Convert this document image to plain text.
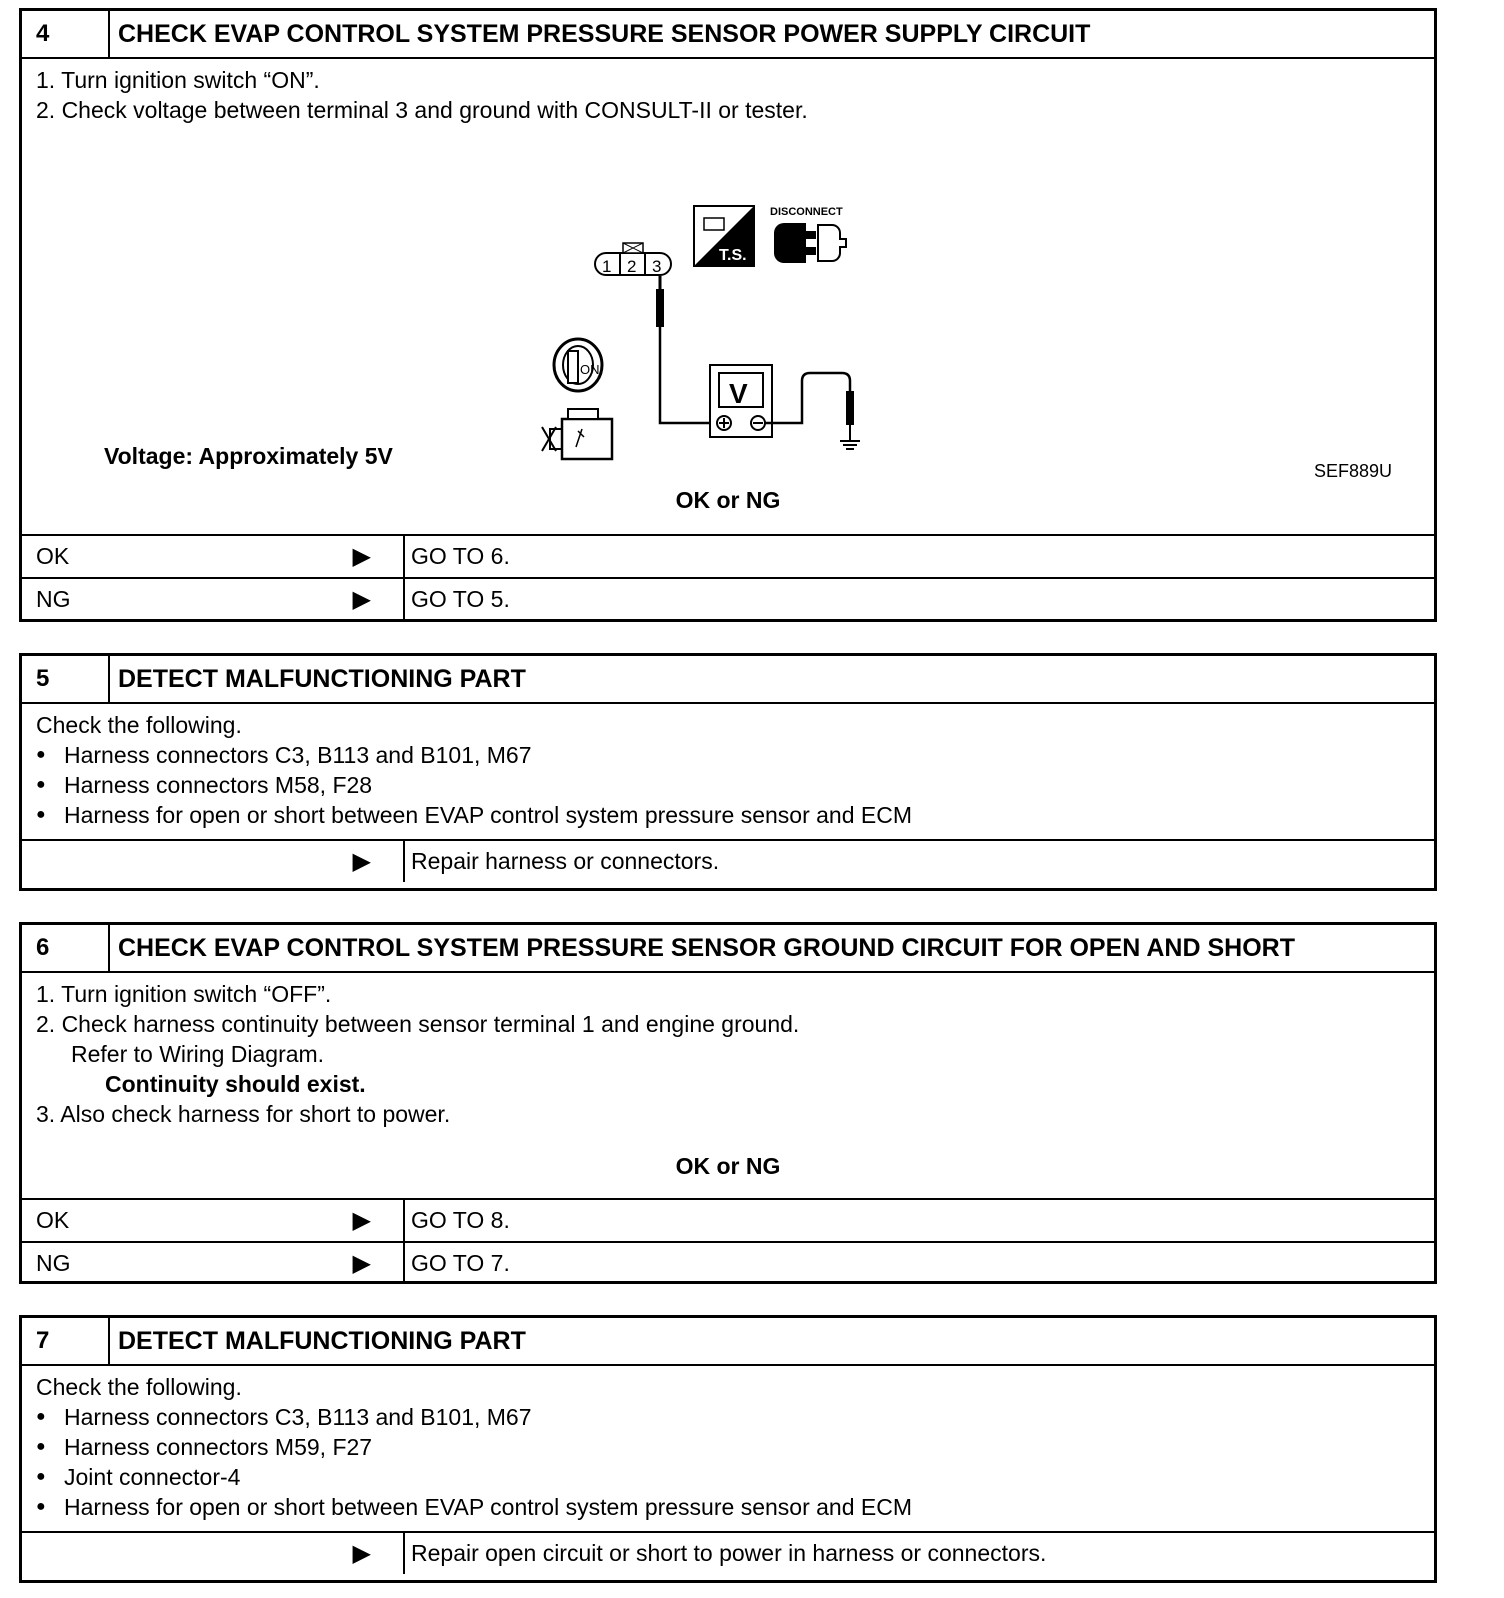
4	CHECK EVAP CONTROL SYSTEM PRESSURE SENSOR POWER SUPPLY CIRCUIT
1. Turn ignition switch “ON”.
2. Check voltage between terminal 3 and ground with CONSULT-II or tester.
1 2 3
T.S.
DISCONNECT
V
ON
SEF889U
Voltage: Approximately 5V
OK or NG
OK	▶ GO TO 6.
NG	▶ GO TO 5.
5	DETECT MALFUNCTIONING PART
Check the following.
● Harness connectors C3, B113 and B101, M67
● Harness connectors M58, F28
● Harness for open or short between EVAP control system pressure sensor and ECM
▶ Repair harness or connectors.
6	CHECK EVAP CONTROL SYSTEM PRESSURE SENSOR GROUND CIRCUIT FOR OPEN AND SHORT
1. Turn ignition switch “OFF”.
2. Check harness continuity between sensor terminal 1 and engine ground.
Refer to Wiring Diagram.
Continuity should exist.
3. Also check harness for short to power.
OK or NG
OK	▶ GO TO 8.
NG	▶ GO TO 7.
7	DETECT MALFUNCTIONING PART
Check the following.
● Harness connectors C3, B113 and B101, M67
● Harness connectors M59, F27
● Joint connector-4
● Harness for open or short between EVAP control system pressure sensor and ECM
▶ Repair open circuit or short to power in harness or connectors.
